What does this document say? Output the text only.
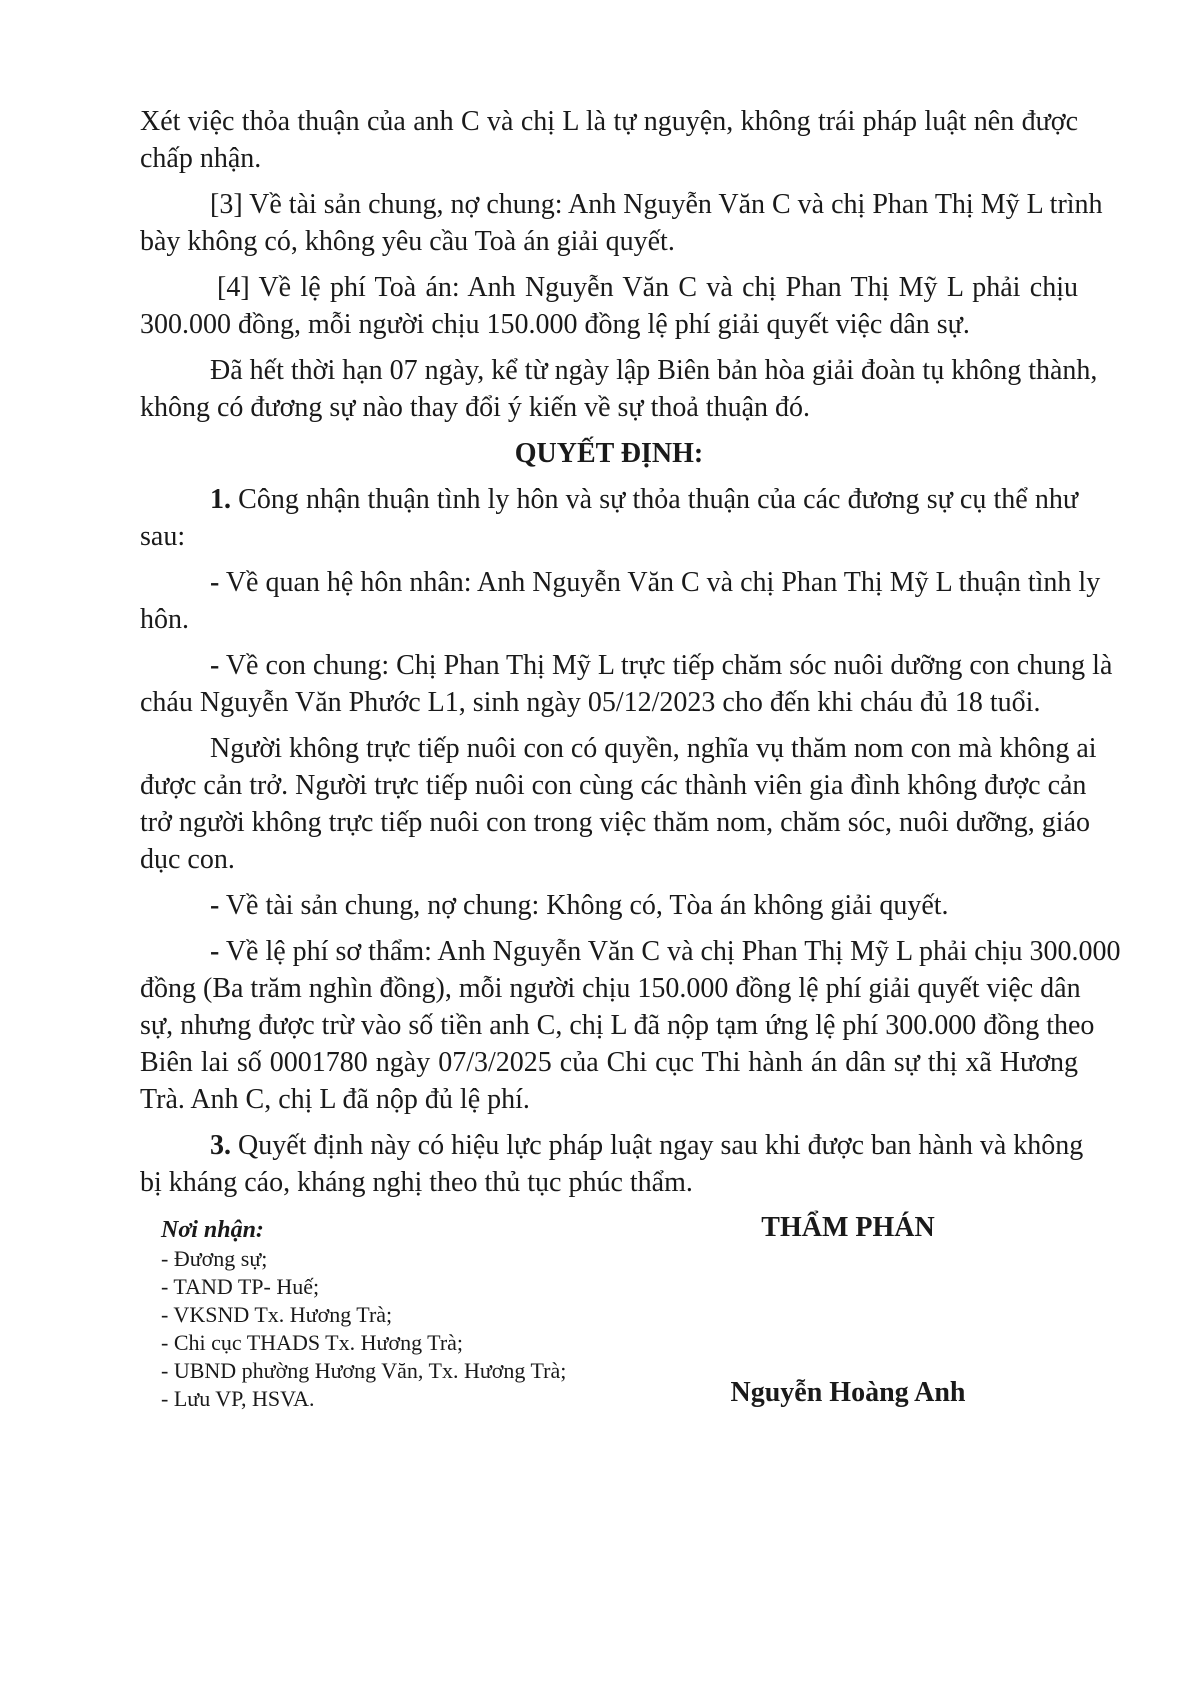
Xét việc thỏa thuận của anh C và chị L là tự nguyện, không trái pháp luật nên được
chấp nhận.
[3] Về tài sản chung, nợ chung: Anh Nguyễn Văn C và chị Phan Thị Mỹ L trình
bày không có, không yêu cầu Toà án giải quyết.
[4] Về lệ phí Toà án: Anh Nguyễn Văn C và chị Phan Thị Mỹ L phải chịu
300.000 đồng, mỗi người chịu 150.000 đồng lệ phí giải quyết việc dân sự.
Đã hết thời hạn 07 ngày, kể từ ngày lập Biên bản hòa giải đoàn tụ không thành,
không có đương sự nào thay đổi ý kiến về sự thoả thuận đó.
QUYẾT ĐỊNH:
1. Công nhận thuận tình ly hôn và sự thỏa thuận của các đương sự cụ thể như
sau:
- Về quan hệ hôn nhân: Anh Nguyễn Văn C và chị Phan Thị Mỹ L thuận tình ly
hôn.
- Về con chung: Chị Phan Thị Mỹ L trực tiếp chăm sóc nuôi dưỡng con chung là
cháu Nguyễn Văn Phước L1, sinh ngày 05/12/2023 cho đến khi cháu đủ 18 tuổi.
Người không trực tiếp nuôi con có quyền, nghĩa vụ thăm nom con mà không ai
được cản trở. Người trực tiếp nuôi con cùng các thành viên gia đình không được cản
trở người không trực tiếp nuôi con trong việc thăm nom, chăm sóc, nuôi dưỡng, giáo
dục con.
- Về tài sản chung, nợ chung: Không có, Tòa án không giải quyết.
- Về lệ phí sơ thẩm: Anh Nguyễn Văn C và chị Phan Thị Mỹ L phải chịu 300.000
đồng (Ba trăm nghìn đồng), mỗi người chịu 150.000 đồng lệ phí giải quyết việc dân
sự, nhưng được trừ vào số tiền anh C, chị L đã nộp tạm ứng lệ phí 300.000 đồng theo
Biên lai số 0001780 ngày 07/3/2025 của Chi cục Thi hành án dân sự thị xã Hương
Trà. Anh C, chị L đã nộp đủ lệ phí.
3. Quyết định này có hiệu lực pháp luật ngay sau khi được ban hành và không
bị kháng cáo, kháng nghị theo thủ tục phúc thẩm.
Nơi nhận:
- Đương sự;
- TAND TP- Huế;
- VKSND Tx. Hương Trà;
- Chi cục THADS Tx. Hương Trà;
- UBND phường Hương Văn, Tx. Hương Trà;
- Lưu VP, HSVA.
THẨM PHÁN
Nguyễn Hoàng Anh
